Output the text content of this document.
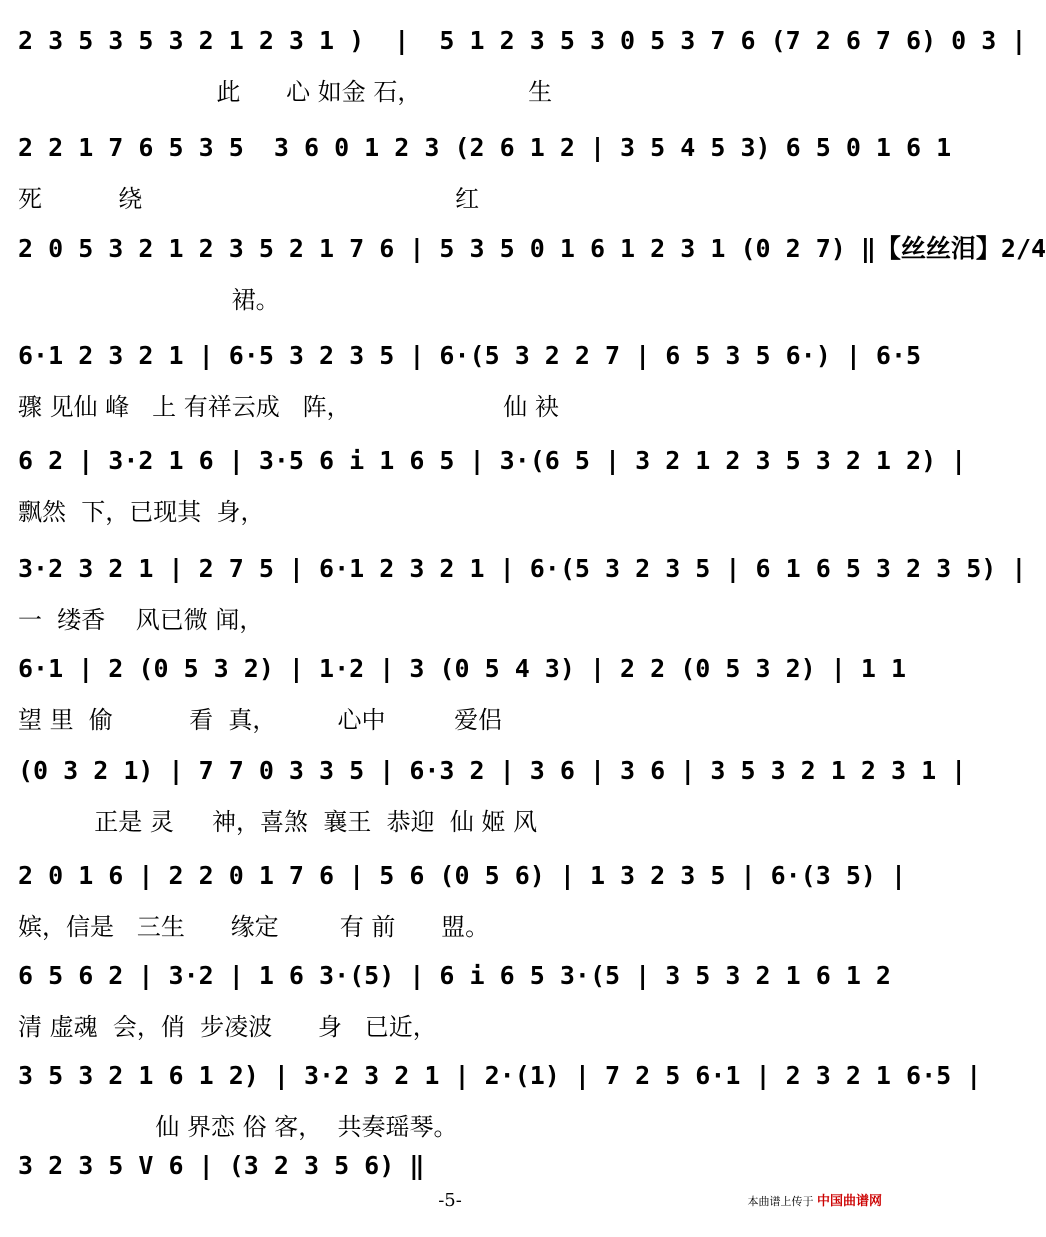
2 3 5 3 5 3 2 1 2 3 1 )  |  5 1 2 3 5 3 0 5 3 7 6 (7 2 6 7 6) 0 3 |
此      心 如金 石，              生
2 2 1 7 6 5 3 5  3 6 0 1 2 3 (2 6 1 2 | 3 5 4 5 3) 6 5 0 1 6 1
死          绕                                         红
2 0 5 3 2 1 2 3 5 2 1 7 6 | 5 3 5 0 1 6 1 2 3 1 (0 2 7) ‖【丝丝泪】2/4
裙。
6·1 2 3 2 1 | 6·5 3 2 3 5 | 6·(5 3 2 2 7 | 6 5 3 5 6·) | 6·5
骤 见仙 峰   上 有祥云成   阵，                    仙 袂
6 2 | 3·2 1 6 | 3·5 6 i 1 6 5 | 3·(6 5 | 3 2 1 2 3 5 3 2 1 2) |
飘然  下，已现其  身，
3·2 3 2 1 | 2 7 5 | 6·1 2 3 2 1 | 6·(5 3 2 3 5 | 6 1 6 5 3 2 3 5) |
一  缕香    风已微 闻，
6·1 | 2 (0 5 3 2) | 1·2 | 3 (0 5 4 3) | 2 2 (0 5 3 2) | 1 1
望 里  偷          看  真，        心中         爱侣
(0 3 2 1) | 7 7 0 3 3 5 | 6·3 2 | 3 6 | 3 6 | 3 5 3 2 1 2 3 1 |
正是 灵     神，喜煞  襄王  恭迎  仙 姬 风
2 0 1 6 | 2 2 0 1 7 6 | 5 6 (0 5 6) | 1 3 2 3 5 | 6·(3 5) |
嫔，信是   三生      缘定        有 前      盟。
6 5 6 2 | 3·2 | 1 6 3·(5) | 6 i 6 5 3·(5 | 3 5 3 2 1 6 1 2
清 虚魂  会，俏  步凌波      身   已近，
3 5 3 2 1 6 1 2) | 3·2 3 2 1 | 2·(1) | 7 2 5 6·1 | 2 3 2 1 6·5 |
仙 界恋 俗 客，  共奏瑶琴。
3 2 3 5 V 6 | (3 2 3 5 6) ‖
-5-	本曲谱上传于 中国曲谱网
